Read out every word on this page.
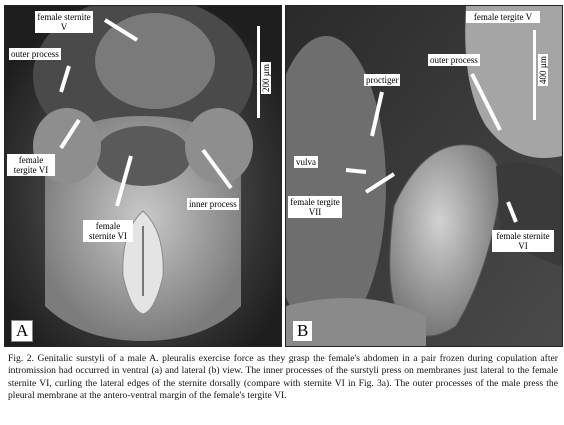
female sternite V
outer process
female tergite VI
female sternite VI
inner process
200 µm
A
female tergite V
proctiger
outer process
vulva
female tergite VII
female sternite VI
400 µm
B
Fig. 2. Genitalic surstyli of a male A. pleuralis exercise force as they grasp the female's abdomen in a pair frozen during copulation after intromission had occurred in ventral (a) and lateral (b) view. The inner processes of the surstyli press on membranes just lateral to the female sternite VI, curling the lateral edges of the sternite dorsally (compare with sternite VI in Fig. 3a). The outer processes of the male press the pleural membrane at the antero-ventral margin of the female's tergite VI.
